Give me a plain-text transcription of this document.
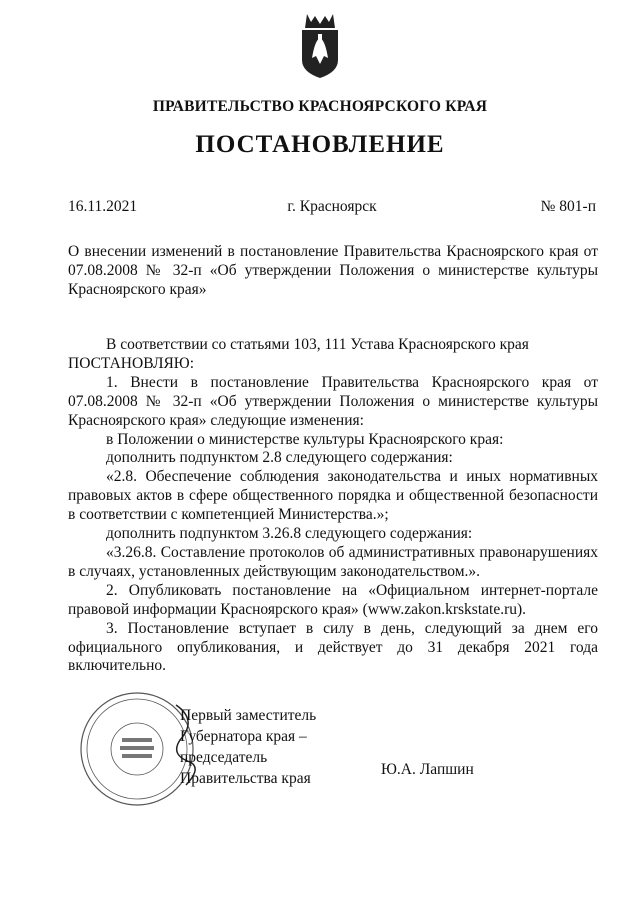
ПРАВИТЕЛЬСТВО КРАСНОЯРСКОГО КРАЯ
ПОСТАНОВЛЕНИЕ
16.11.2021	г. Красноярск	№ 801-п
О внесении изменений в постановление Правительства Красноярского края от 07.08.2008 № 32-п «Об утверждении Положения о министерстве культуры Красноярского края»

В соответствии со статьями 103, 111 Устава Красноярского края

ПОСТАНОВЛЯЮ:

1. Внести в постановление Правительства Красноярского края от 07.08.2008 № 32-п «Об утверждении Положения о министерстве культуры Красноярского края» следующие изменения:

в Положении о министерстве культуры Красноярского края:

дополнить подпунктом 2.8 следующего содержания:

«2.8. Обеспечение соблюдения законодательства и иных нормативных правовых актов в сфере общественного порядка и общественной безопасности в соответствии с компетенцией Министерства.»;

дополнить подпунктом 3.26.8 следующего содержания:

«3.26.8. Составление протоколов об административных правонарушениях в случаях, установленных действующим законодательством.».

2. Опубликовать постановление на «Официальном интернет-портале правовой информации Красноярского края» (www.zakon.krskstate.ru).

3. Постановление вступает в силу в день, следующий за днем его официального опубликования, и действует до 31 декабря 2021 года включительно.

Первый заместитель
Губернатора края –
председатель
Правительства края
Ю.А. Лапшин
